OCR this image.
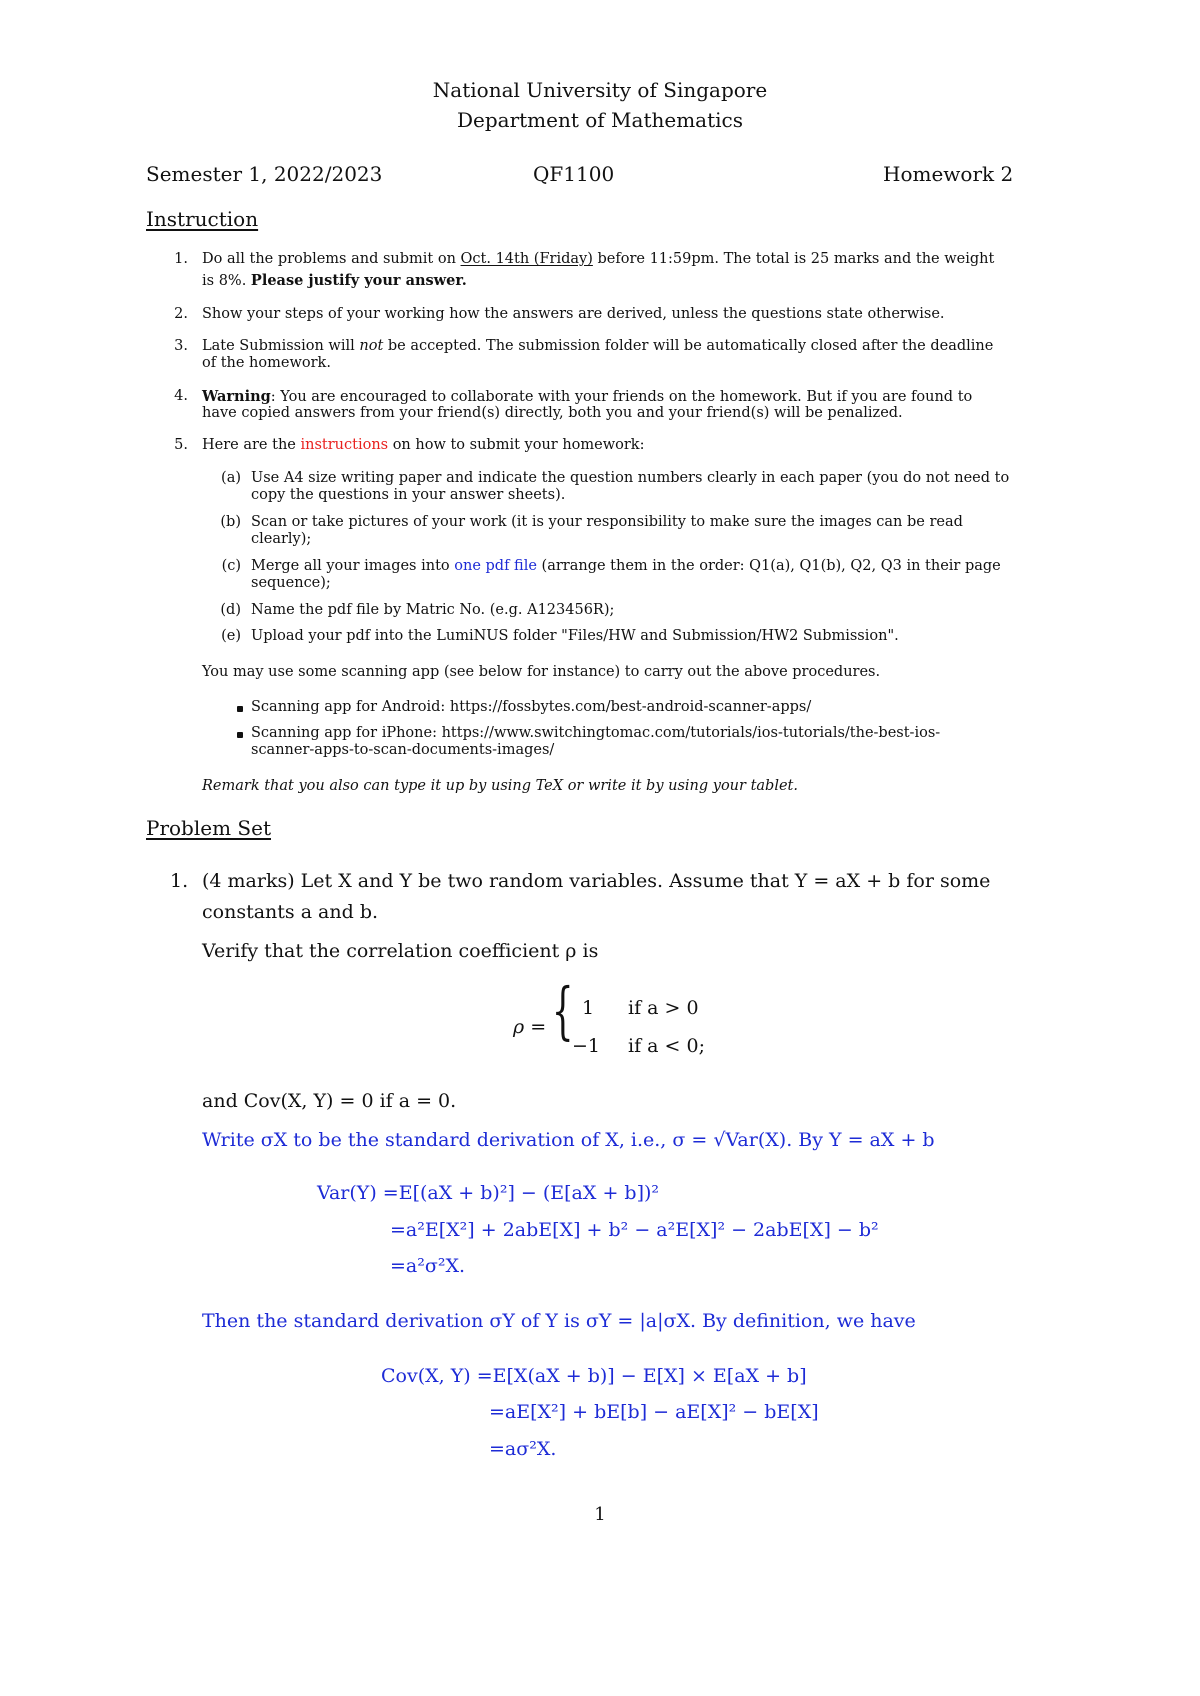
National University of Singapore
Department of Mathematics
Semester 1, 2022/2023	QF1100	Homework 2
Instruction
1. Do all the problems and submit on Oct. 14th (Friday) before 11:59pm. The total is 25 marks and the weight
is 8%. Please justify your answer.
2. Show your steps of your working how the answers are derived, unless the questions state otherwise.
3. Late Submission will not be accepted. The submission folder will be automatically closed after the deadline
of the homework.
4. Warning: You are encouraged to collaborate with your friends on the homework. But if you are found to
have copied answers from your friend(s) directly, both you and your friend(s) will be penalized.
5. Here are the instructions on how to submit your homework:
(a) Use A4 size writing paper and indicate the question numbers clearly in each paper (you do not need to
copy the questions in your answer sheets).
(b) Scan or take pictures of your work (it is your responsibility to make sure the images can be read
clearly);
(c) Merge all your images into one pdf file (arrange them in the order: Q1(a), Q1(b), Q2, Q3 in their page
sequence);
(d) Name the pdf file by Matric No. (e.g. A123456R);
(e) Upload your pdf into the LumiNUS folder "Files/HW and Submission/HW2 Submission".
You may use some scanning app (see below for instance) to carry out the above procedures.
Scanning app for Android: https://fossbytes.com/best-android-scanner-apps/
Scanning app for iPhone: https://www.switchingtomac.com/tutorials/ios-tutorials/the-best-ios-
scanner-apps-to-scan-documents-images/
Remark that you also can type it up by using TeX or write it by using your tablet.
Problem Set
1. (4 marks) Let X and Y be two random variables. Assume that Y = aX + b for some
constants a and b.
Verify that the correlation coefficient ρ is
ρ = { 1 if a > 0
−1 if a < 0;
and Cov(X, Y) = 0 if a = 0.
Write σX to be the standard derivation of X, i.e., σ = √Var(X). By Y = aX + b
Var(Y) =E[(aX + b)²] − (E[aX + b])²
=a²E[X²] + 2abE[X] + b² − a²E[X]² − 2abE[X] − b²
=a²σ²X.
Then the standard derivation σY of Y is σY = |a|σX. By definition, we have
Cov(X, Y) =E[X(aX + b)] − E[X] × E[aX + b]
=aE[X²] + bE[b] − aE[X]² − bE[X]
=aσ²X.
1
